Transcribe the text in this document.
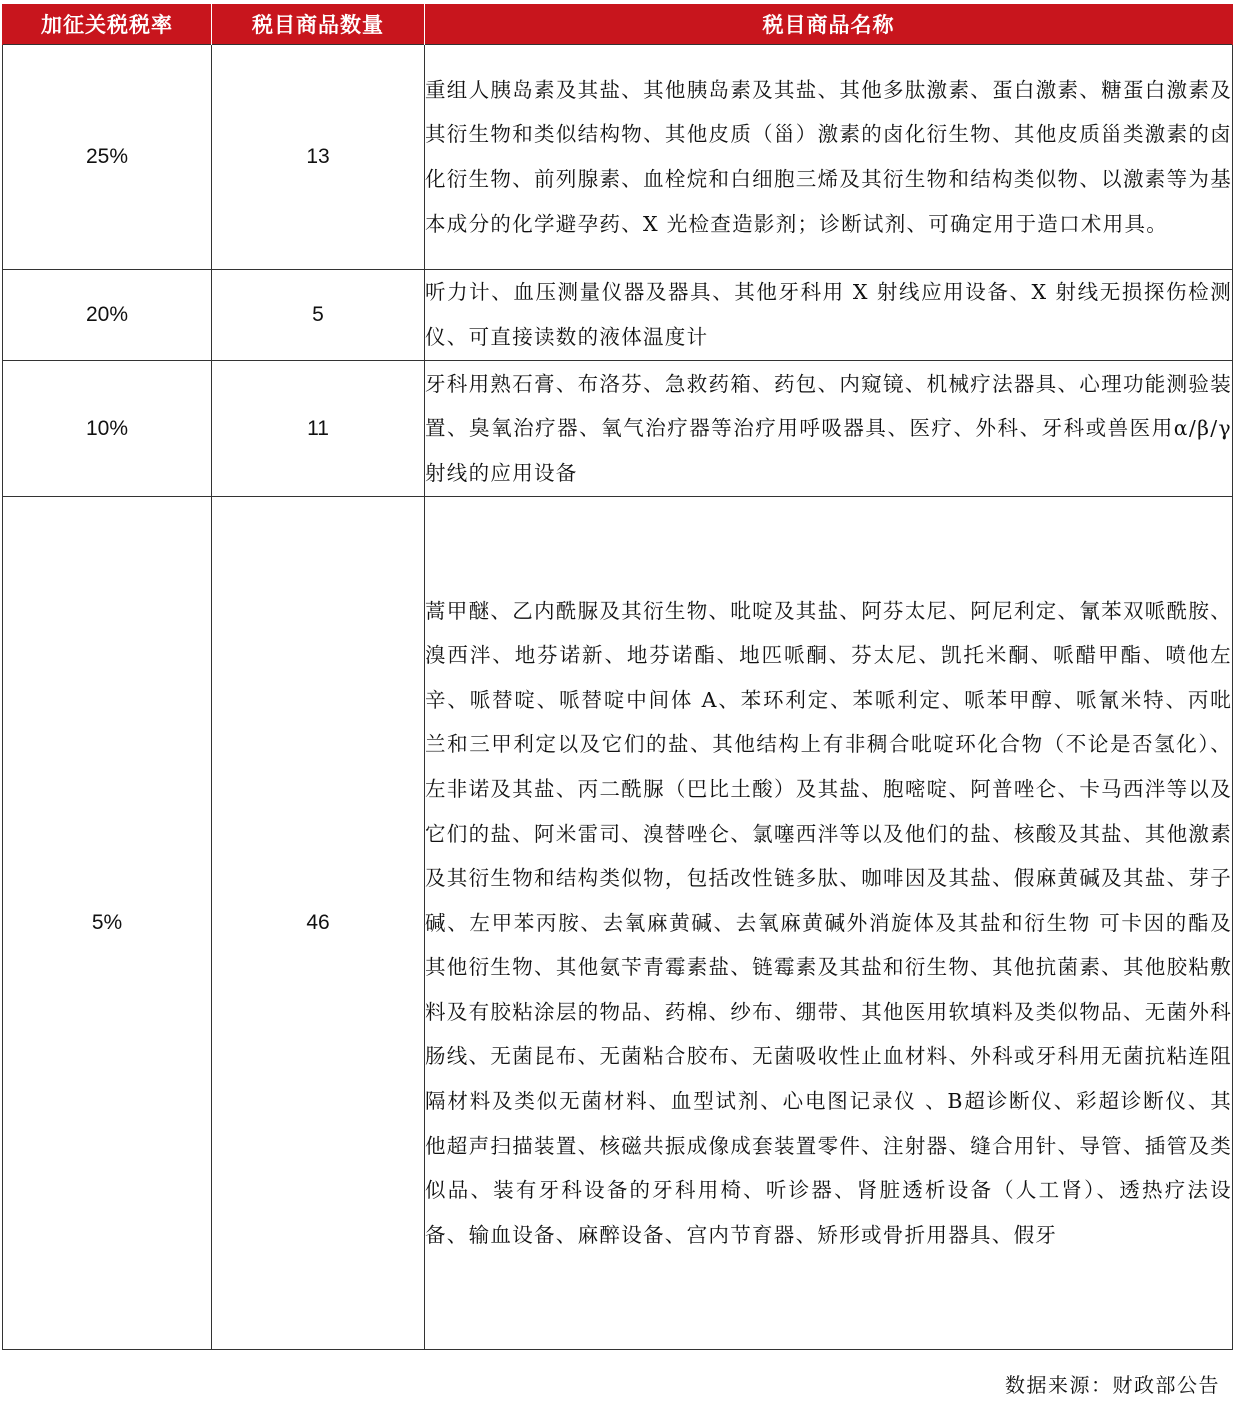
加征关税税率	税目商品数量	税目商品名称
25%	13	重组人胰岛素及其盐、其他胰岛素及其盐、其他多肽激素、蛋白激素、糖蛋白激素及其衍生物和类似结构物、其他皮质（甾）激素的卤化衍生物、其他皮质甾类激素的卤化衍生物、前列腺素、血栓烷和白细胞三烯及其衍生物和结构类似物、以激素等为基本成分的化学避孕药、X 光检查造影剂；诊断试剂、可确定用于造口术用具。
20%	5	听力计、血压测量仪器及器具、其他牙科用 X 射线应用设备、X 射线无损探伤检测仪、可直接读数的液体温度计
10%	11	牙科用熟石膏、布洛芬、急救药箱、药包、内窥镜、机械疗法器具、心理功能测验装置、臭氧治疗器、氧气治疗器等治疗用呼吸器具、医疗、外科、牙科或兽医用α/β/γ射线的应用设备
5%	46	蒿甲醚、乙内酰脲及其衍生物、吡啶及其盐、阿芬太尼、阿尼利定、氰苯双哌酰胺、溴西泮、地芬诺新、地芬诺酯、地匹哌酮、芬太尼、凯托米酮、哌醋甲酯、喷他左辛、哌替啶、哌替啶中间体 A、苯环利定、苯哌利定、哌苯甲醇、哌氰米特、丙吡兰和三甲利定以及它们的盐、其他结构上有非稠合吡啶环化合物（不论是否氢化）、左非诺及其盐、丙二酰脲（巴比土酸）及其盐、胞嘧啶、阿普唑仑、卡马西泮等以及它们的盐、阿米雷司、溴替唑仑、氯噻西泮等以及他们的盐、核酸及其盐、其他激素及其衍生物和结构类似物，包括改性链多肽、咖啡因及其盐、假麻黄碱及其盐、芽子碱、左甲苯丙胺、去氧麻黄碱、去氧麻黄碱外消旋体及其盐和衍生物 可卡因的酯及其他衍生物、其他氨苄青霉素盐、链霉素及其盐和衍生物、其他抗菌素、其他胶粘敷料及有胶粘涂层的物品、药棉、纱布、绷带、其他医用软填料及类似物品、无菌外科肠线、无菌昆布、无菌粘合胶布、无菌吸收性止血材料、外科或牙科用无菌抗粘连阻隔材料及类似无菌材料、血型试剂、心电图记录仪 、B超诊断仪、彩超诊断仪、其他超声扫描装置、核磁共振成像成套装置零件、注射器、缝合用针、导管、插管及类似品、装有牙科设备的牙科用椅、听诊器、肾脏透析设备（人工肾）、透热疗法设备、输血设备、麻醉设备、宫内节育器、矫形或骨折用器具、假牙
数据来源：财政部公告
